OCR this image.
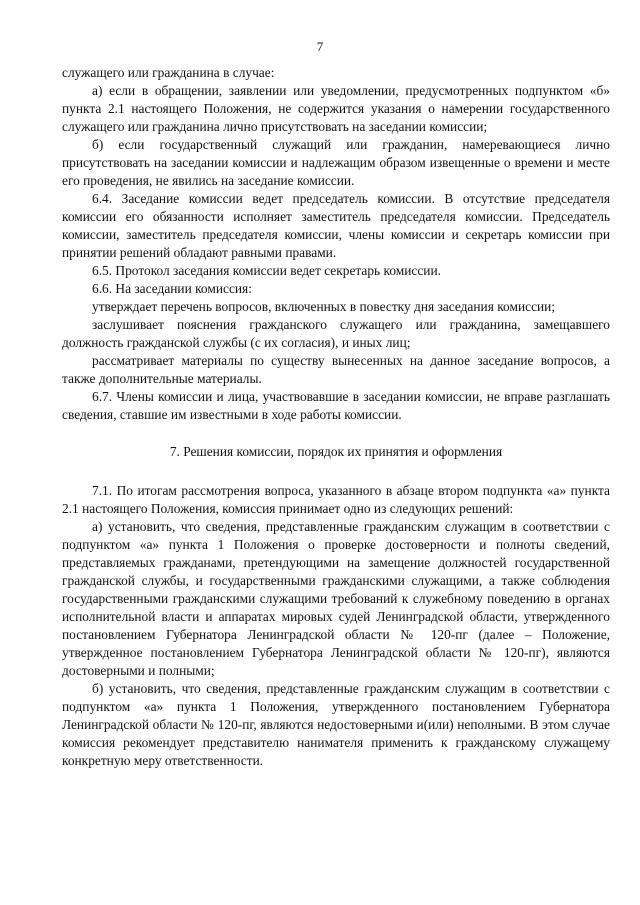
7

служащего или гражданина в случае:

а) если в обращении, заявлении или уведомлении, предусмотренных подпунктом «б» пункта 2.1 настоящего Положения, не содержится указания о намерении государственного служащего или гражданина лично присутствовать на заседании комиссии;

б) если государственный служащий или гражданин, намеревающиеся лично присутствовать на заседании комиссии и надлежащим образом извещенные о времени и месте его проведения, не явились на заседание комиссии.

6.4. Заседание комиссии ведет председатель комиссии. В отсутствие председателя комиссии его обязанности исполняет заместитель председателя комиссии. Председатель комиссии, заместитель председателя комиссии, члены комиссии и секретарь комиссии при принятии решений обладают равными правами.

6.5. Протокол заседания комиссии ведет секретарь комиссии.

6.6. На заседании комиссия:

утверждает перечень вопросов, включенных в повестку дня заседания комиссии;

заслушивает пояснения гражданского служащего или гражданина, замещавшего должность гражданской службы (с их согласия), и иных лиц;

рассматривает материалы по существу вынесенных на данное заседание вопросов, а также дополнительные материалы.

6.7. Члены комиссии и лица, участвовавшие в заседании комиссии, не вправе разглашать сведения, ставшие им известными в ходе работы комиссии.

7. Решения комиссии, порядок их принятия и оформления

7.1. По итогам рассмотрения вопроса, указанного в абзаце втором подпункта «а» пункта 2.1 настоящего Положения, комиссия принимает одно из следующих решений:

а) установить, что сведения, представленные гражданским служащим в соответствии с подпунктом «а» пункта 1 Положения о проверке достоверности и полноты сведений, представляемых гражданами, претендующими на замещение должностей государственной гражданской службы, и государственными гражданскими служащими, а также соблюдения государственными гражданскими служащими требований к служебному поведению в органах исполнительной власти и аппаратах мировых судей Ленинградской области, утвержденного постановлением Губернатора Ленинградской области № 120-пг (далее – Положение, утвержденное постановлением Губернатора Ленинградской области № 120-пг), являются достоверными и полными;

б) установить, что сведения, представленные гражданским служащим в соответствии с подпунктом «а» пункта 1 Положения, утвержденного постановлением Губернатора Ленинградской области № 120-пг, являются недостоверными и(или) неполными. В этом случае комиссия рекомендует представителю нанимателя применить к гражданскому служащему конкретную меру ответственности.
